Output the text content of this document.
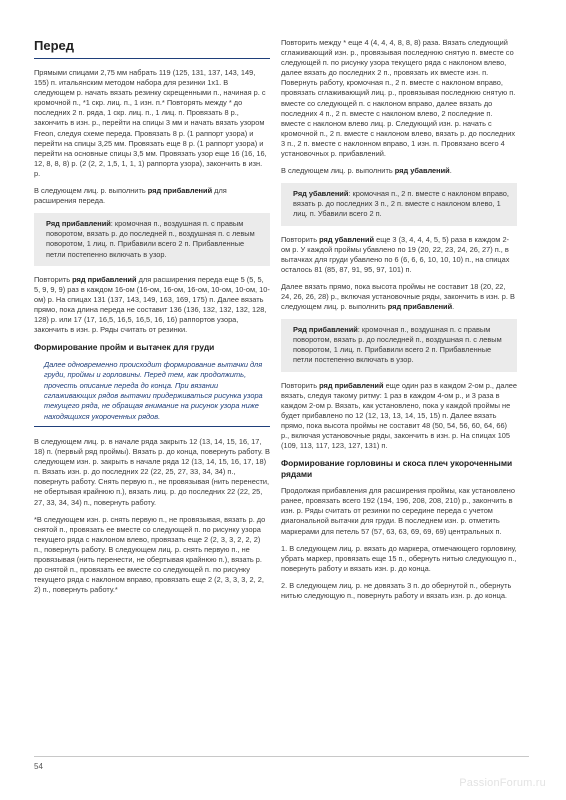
Перед

Прямыми спицами 2,75 мм набрать 119 (125, 131, 137, 143, 149, 155) п. итальянским методом набора для резинки 1х1. В следующем р. начать вязать резинку скрещенными п., начиная р. с кромочной п., *1 скр. лиц. п., 1 изн. п.* Повторять между * до последних 2 п. ряда, 1 скр. лиц. п., 1 лиц. п. Провязать 8 р., закончить в изн. р., перейти на спицы 3 мм и начать вязать узором Freon, следуя схеме переда. Провязать 8 р. (1 раппорт узора) и перейти на спицы 3,25 мм. Провязать еще 8 р. (1 раппорт узора) и перейти на основные спицы 3,5 мм. Провязать узор еще 16 (16, 16, 12, 8, 8, 8) р. (2 (2, 2, 1,5, 1, 1, 1) раппорта узора), закончить в изн. р.

В следующем лиц. р. выполнить ряд прибавлений для расширения переда.

Ряд прибавлений: кромочная п., воздушная п. с правым поворотом, вязать р. до последней п., воздушная п. с левым поворотом, 1 лиц. п. Прибавили всего 2 п. Прибавленные петли постепенно включать в узор.

Повторить ряд прибавлений для расширения переда еще 5 (5, 5, 5, 9, 9, 9) раз в каждом 16-ом (16-ом, 16-ом, 16-ом, 10-ом, 10-ом, 10-ом) р. На спицах 131 (137, 143, 149, 163, 169, 175) п. Далее вязать прямо, пока длина переда не составит 136 (136, 132, 132, 132, 128, 128) р. или 17 (17, 16,5, 16,5, 16,5, 16, 16) раппортов узора, закончить в изн. р. Ряды считать от резинки.

Формирование пройм и вытачек для груди
Далее одновременно происходит формирование вытачки для груди, проймы и горловины. Перед тем, как продолжить, прочесть описание переда до конца. При вязании сглаживающих рядов вытачки придерживаться рисунка узора текущего ряда, не обращая внимание на рисунок узора ниже находящихся укороченных рядов.

В следующем лиц. р. в начале ряда закрыть 12 (13, 14, 15, 16, 17, 18) п. (первый ряд проймы). Вязать р. до конца, повернуть работу. В следующем изн. р. закрыть в начале ряда 12 (13, 14, 15, 16, 17, 18) п. Вязать изн. р. до последних 22 (22, 25, 27, 33, 34, 34) п., повернуть работу. Снять первую п., не провязывая (нить перенести, не обертывая крайнюю п.), вязать лиц. р. до последних 22 (22, 25, 27, 33, 34, 34) п., повернуть работу.

*В следующем изн. р. снять первую п., не провязывая, вязать р. до снятой п., провязать ее вместе со следующей п. по рисунку узора текущего ряда с наклоном влево, провязать еще 2 (2, 3, 3, 2, 2, 2) п., повернуть работу. В следующем лиц. р. снять первую п., не провязывая (нить перенести, не обертывая крайнюю п.), вязать р. до снятой п., провязать ее вместе со следующей п. по рисунку текущего ряда с наклоном вправо, провязать еще 2 (2, 3, 3, 3, 2, 2, 2) п., повернуть работу.*

Повторить между * еще 4 (4, 4, 4, 8, 8, 8) раза. Вязать следующий сглаживающий изн. р., провязывая последнюю снятую п. вместе со следующей п. по рисунку узора текущего ряда с наклоном влево, далее вязать до последних 2 п., провязать их вместе изн. п. Повернуть работу, кромочная п., 2 п. вместе с наклоном вправо, провязать сглаживающий лиц. р., провязывая последнюю снятую п. вместе со следующей п. с наклоном вправо, далее вязать до последних 4 п., 2 п. вместе с наклоном влево, 2 последние п. вместе с наклоном влево лиц. р. Следующий изн. р. начать с кромочной п., 2 п. вместе с наклоном влево, вязать р. до последних 3 п., 2 п. вместе с наклонном вправо, 1 изн. п. Провязано всего 4 установочных р. прибавлений.

В следующем лиц. р. выполнить ряд убавлений.

Ряд убавлений: кромочная п., 2 п. вместе с наклоном вправо, вязать р. до последних 3 п., 2 п. вместе с наклоном влево, 1 лиц. п. Убавили всего 2 п.

Повторить ряд убавлений еще 3 (3, 4, 4, 4, 5, 5) раза в каждом 2-ом р. У каждой проймы убавлено по 19 (20, 22, 23, 24, 26, 27) п., в вытачках для груди убавлено по 6 (6, 6, 6, 10, 10, 10) п., на спицах осталось 81 (85, 87, 91, 95, 97, 101) п.

Далее вязать прямо, пока высота проймы не составит 18 (20, 22, 24, 26, 26, 28) р., включая установочные ряды, закончить в изн. р. В следующем лиц. р. выполнить ряд прибавлений.

Ряд прибавлений: кромочная п., воздушная п. с правым поворотом, вязать р. до последней п., воздушная п. с левым поворотом, 1 лиц. п. Прибавили всего 2 п. Прибавленные петли постепенно включать в узор.

Повторить ряд прибавлений еще один раз в каждом 2-ом р., далее вязать, следуя такому ритму: 1 раз в каждом 4-ом р., и 3 раза в каждом 2-ом р. Вязать, как установлено, пока у каждой проймы не будет прибавлено по 12 (12, 13, 13, 14, 15, 15) п. Далее вязать прямо, пока высота проймы не составит 48 (50, 54, 56, 60, 64, 66) р., включая установочные ряды, закончить в изн. р. На спицах 105 (109, 113, 117, 123, 127, 131) п.

Формирование горловины и скоса плеч укороченными рядами

Продолжая прибавления для расширения проймы, как установлено ранее, провязать всего 192 (194, 196, 208, 208, 210) р., закончить в изн. р. Ряды считать от резинки по середине переда с учетом диагональной вытачки для груди. В последнем изн. р. отметить маркерами для петель 57 (57, 63, 63, 69, 69, 69) центральных п.

1. В следующем лиц. р. вязать до маркера, отмечающего горловину, убрать маркер, провязать еще 15 п., обернуть нитью следующую п., повернуть работу и вязать изн. р. до конца.

2. В следующем лиц. р. не довязать 3 п. до обернутой п., обернуть нитью следующую п., повернуть работу и вязать изн. р. до конца.

54
PassionForum.ru
